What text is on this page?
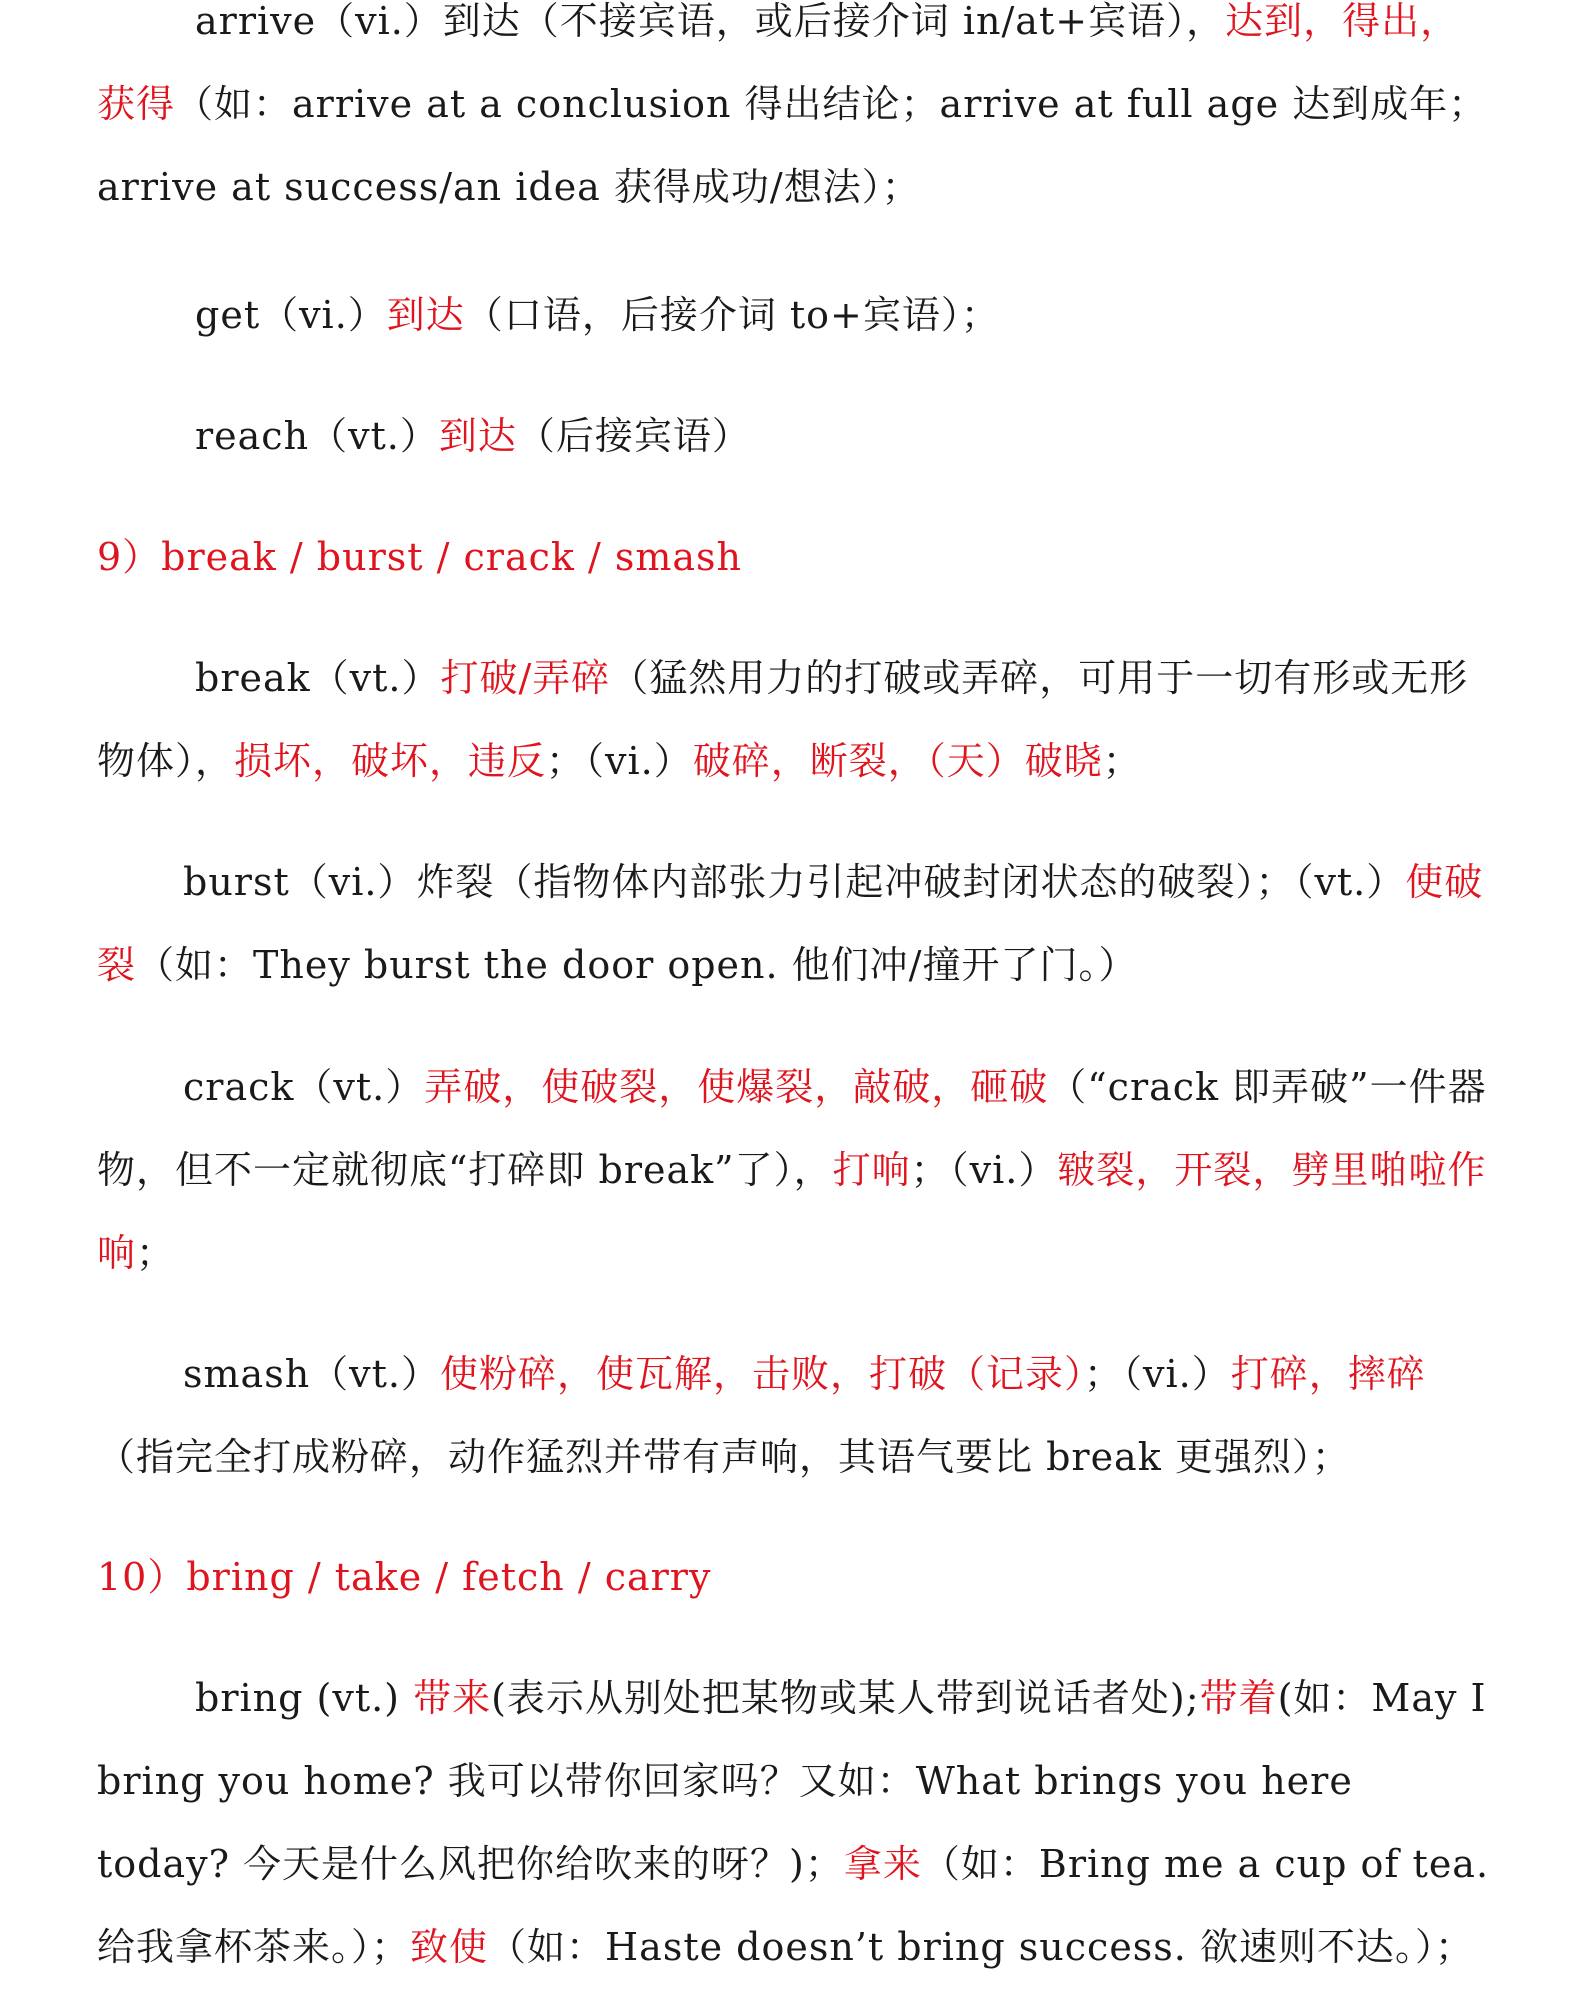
arrive（vi.）到达（不接宾语，或后接介词 in/at+宾语），达到，得出，获得（如：arrive at a conclusion 得出结论；arrive at full age 达到成年； arrive at success/an idea 获得成功/想法）；
get（vi.）到达（口语，后接介词 to+宾语）；
reach（vt.）到达（后接宾语）
9）break / burst / crack / smash
break（vt.）打破/弄碎（猛然用力的打破或弄碎，可用于一切有形或无形物体），损坏，破坏，违反；（vi.）破碎，断裂，（天）破晓；
burst（vi.）炸裂（指物体内部张力引起冲破封闭状态的破裂）；（vt.）使破裂（如：They burst the door open. 他们冲/撞开了门。）
crack（vt.）弄破，使破裂，使爆裂，敲破，砸破（“crack 即弄破”一件器物，但不一定就彻底“打碎即 break”了），打响；（vi.）皲裂，开裂，劈里啪啦作响；
smash（vt.）使粉碎，使瓦解，击败，打破（记录）；（vi.）打碎，摔碎（指完全打成粉碎，动作猛烈并带有声响，其语气要比 break 更强烈）；
10）bring / take / fetch / carry
bring (vt.) 带来(表示从别处把某物或某人带到说话者处);带着(如：May I bring you home? 我可以带你回家吗？又如：What brings you here today? 今天是什么风把你给吹来的呀？)；拿来（如：Bring me a cup of tea. 给我拿杯茶来。）；致使（如：Haste doesn’t bring success. 欲速则不达。）；
